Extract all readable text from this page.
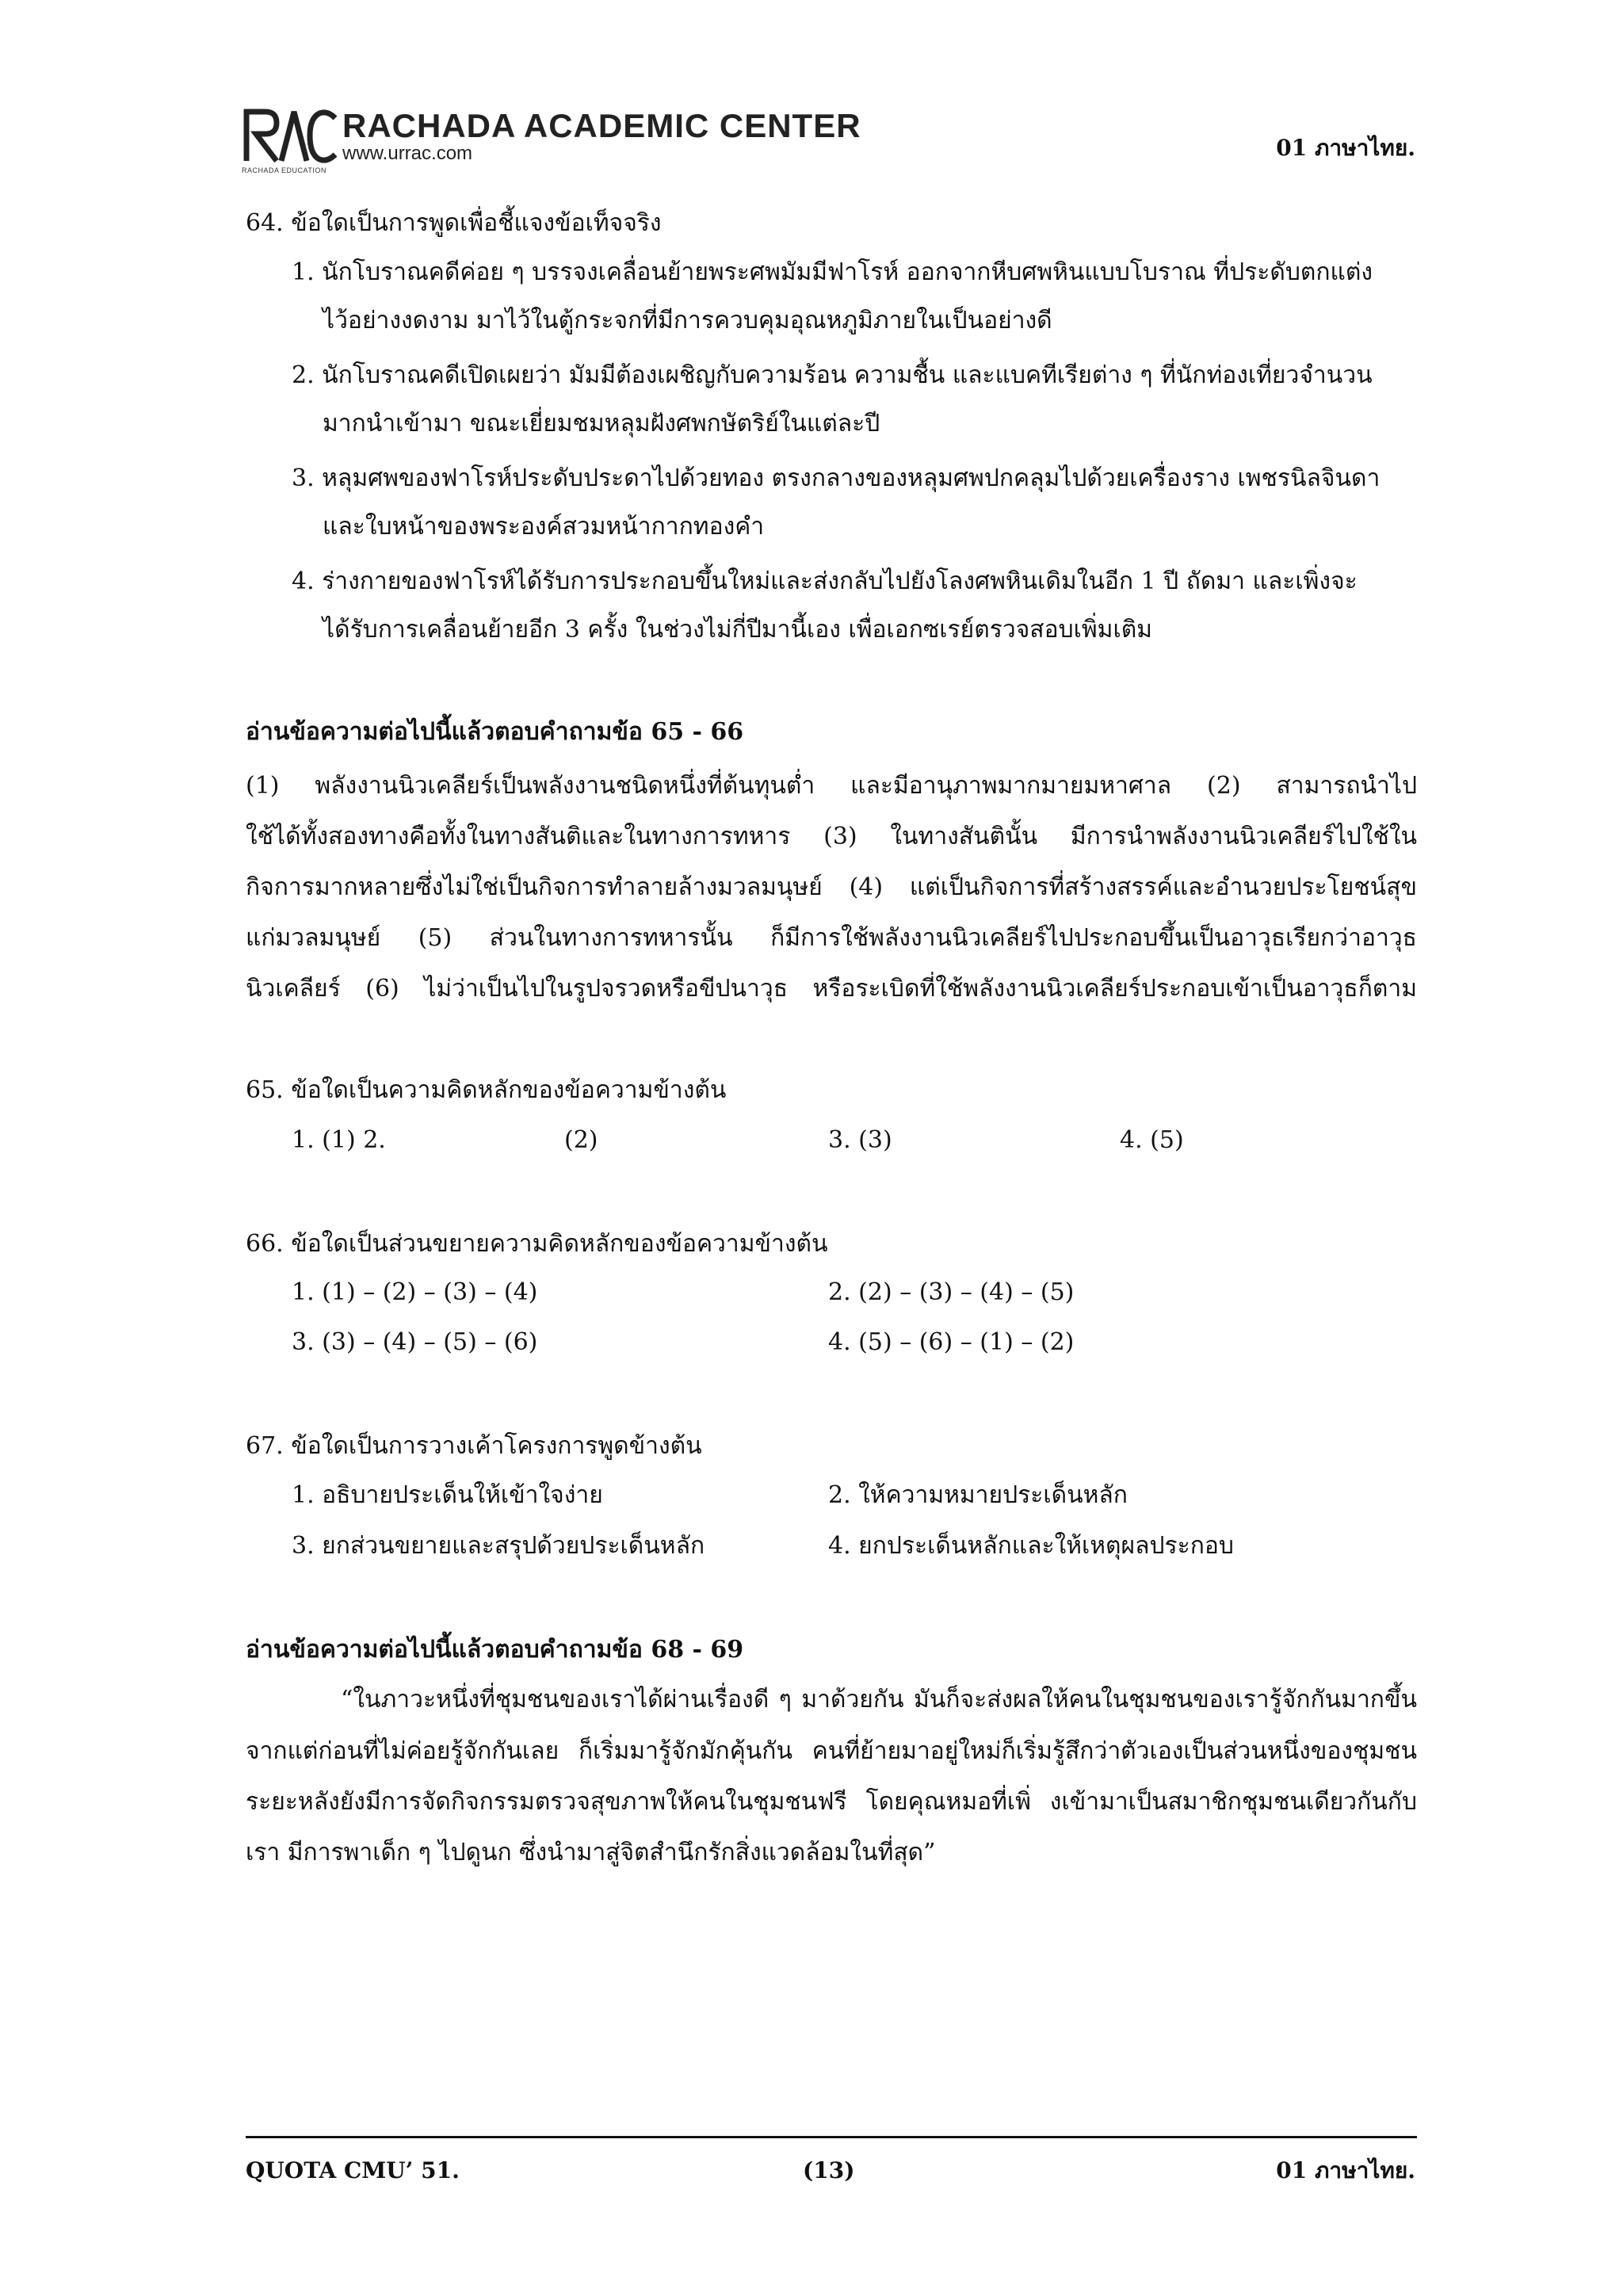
RACHADA ACADEMIC CENTER
www.urrac.com
RACHADA EDUCATION
01 ภาษาไทย.
64. ข้อใดเป็นการพูดเพื่อชี้แจงข้อเท็จจริง
1. นักโบราณคดีค่อย ๆ บรรจงเคลื่อนย้ายพระศพมัมมีฟาโรห์ ออกจากหีบศพหินแบบโบราณ ที่ประดับตกแต่ง
ไว้อย่างงดงาม มาไว้ในตู้กระจกที่มีการควบคุมอุณหภูมิภายในเป็นอย่างดี
2. นักโบราณคดีเปิดเผยว่า มัมมีต้องเผชิญกับความร้อน ความชื้น และแบคทีเรียต่าง ๆ ที่นักท่องเที่ยวจำนวน
มากนำเข้ามา ขณะเยี่ยมชมหลุมฝังศพกษัตริย์ในแต่ละปี
3. หลุมศพของฟาโรห์ประดับประดาไปด้วยทอง ตรงกลางของหลุมศพปกคลุมไปด้วยเครื่องราง เพชรนิลจินดา
และใบหน้าของพระองค์สวมหน้ากากทองคำ
4. ร่างกายของฟาโรห์ได้รับการประกอบขึ้นใหม่และส่งกลับไปยังโลงศพหินเดิมในอีก 1 ปี ถัดมา และเพิ่งจะ
ได้รับการเคลื่อนย้ายอีก 3 ครั้ง ในช่วงไม่กี่ปีมานี้เอง เพื่อเอกซเรย์ตรวจสอบเพิ่มเติม
อ่านข้อความต่อไปนี้แล้วตอบคำถามข้อ 65 - 66
(1) พลังงานนิวเคลียร์เป็นพลังงานชนิดหนึ่งที่ต้นทุนต่ำ และมีอานุภาพมากมายมหาศาล (2) สามารถนำไป
ใช้ได้ทั้งสองทางคือทั้งในทางสันติและในทางการทหาร (3) ในทางสันตินั้น มีการนำพลังงานนิวเคลียร์ไปใช้ใน
กิจการมากหลายซึ่งไม่ใช่เป็นกิจการทำลายล้างมวลมนุษย์ (4) แต่เป็นกิจการที่สร้างสรรค์และอำนวยประโยชน์สุข
แก่มวลมนุษย์ (5) ส่วนในทางการทหารนั้น ก็มีการใช้พลังงานนิวเคลียร์ไปประกอบขึ้นเป็นอาวุธเรียกว่าอาวุธ
นิวเคลียร์ (6) ไม่ว่าเป็นไปในรูปจรวดหรือขีปนาวุธ หรือระเบิดที่ใช้พลังงานนิวเคลียร์ประกอบเข้าเป็นอาวุธก็ตาม
65. ข้อใดเป็นความคิดหลักของข้อความข้างต้น
1. (1) 2.	(2)	3. (3)	4. (5)
66. ข้อใดเป็นส่วนขยายความคิดหลักของข้อความข้างต้น
1. (1) – (2) – (3) – (4)	2. (2) – (3) – (4) – (5)
3. (3) – (4) – (5) – (6)	4. (5) – (6) – (1) – (2)
67. ข้อใดเป็นการวางเค้าโครงการพูดข้างต้น
1. อธิบายประเด็นให้เข้าใจง่าย	2. ให้ความหมายประเด็นหลัก
3. ยกส่วนขยายและสรุปด้วยประเด็นหลัก	4. ยกประเด็นหลักและให้เหตุผลประกอบ
อ่านข้อความต่อไปนี้แล้วตอบคำถามข้อ 68 - 69
“ในภาวะหนึ่งที่ชุมชนของเราได้ผ่านเรื่องดี ๆ มาด้วยกัน มันก็จะส่งผลให้คนในชุมชนของเรารู้จักกันมากขึ้น
จากแต่ก่อนที่ไม่ค่อยรู้จักกันเลย ก็เริ่มมารู้จักมักคุ้นกัน คนที่ย้ายมาอยู่ใหม่ก็เริ่มรู้สึกว่าตัวเองเป็นส่วนหนึ่งของชุมชน
ระยะหลังยังมีการจัดกิจกรรมตรวจสุขภาพให้คนในชุมชนฟรี โดยคุณหมอที่เพิ่ งเข้ามาเป็นสมาชิกชุมชนเดียวกันกับ
เรา มีการพาเด็ก ๆ ไปดูนก ซึ่งนำมาสู่จิตสำนึกรักสิ่งแวดล้อมในที่สุด”
QUOTA CMU’ 51.	(13)	01 ภาษาไทย.
